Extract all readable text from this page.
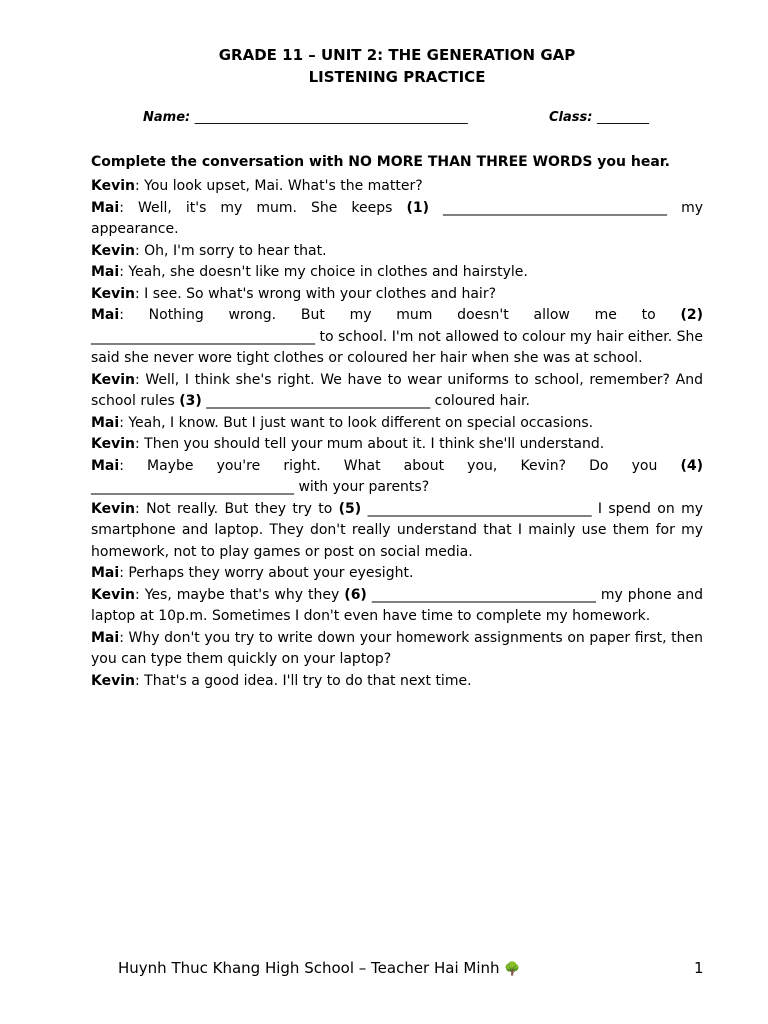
GRADE 11 – UNIT 2: THE GENERATION GAP
LISTENING PRACTICE
Name: __________________________________________	Class: ________
Complete the conversation with NO MORE THAN THREE WORDS you hear.

Kevin: You look upset, Mai. What's the matter?

Mai: Well, it's my mum. She keeps (1) ________________________________ my appearance.

Kevin: Oh, I'm sorry to hear that.

Mai: Yeah, she doesn't like my choice in clothes and hairstyle.

Kevin: I see. So what's wrong with your clothes and hair?

Mai: Nothing wrong. But my mum doesn't allow me to (2) ________________________________ to school. I'm not allowed to colour my hair either. She said she never wore tight clothes or coloured her hair when she was at school.

Kevin: Well, I think she's right. We have to wear uniforms to school, remember? And school rules (3) ________________________________ coloured hair.

Mai: Yeah, I know. But I just want to look different on special occasions.

Kevin: Then you should tell your mum about it. I think she'll understand.

Mai: Maybe you're right. What about you, Kevin? Do you (4) _____________________________ with your parents?

Kevin: Not really. But they try to (5) ________________________________ I spend on my smartphone and laptop. They don't really understand that I mainly use them for my homework, not to play games or post on social media.

Mai: Perhaps they worry about your eyesight.

Kevin: Yes, maybe that's why they (6) ________________________________ my phone and laptop at 10p.m. Sometimes I don't even have time to complete my homework.

Mai: Why don't you try to write down your homework assignments on paper first, then you can type them quickly on your laptop?

Kevin: That's a good idea. I'll try to do that next time.

Huynh Thuc Khang High School – Teacher Hai Minh 🌳	1
